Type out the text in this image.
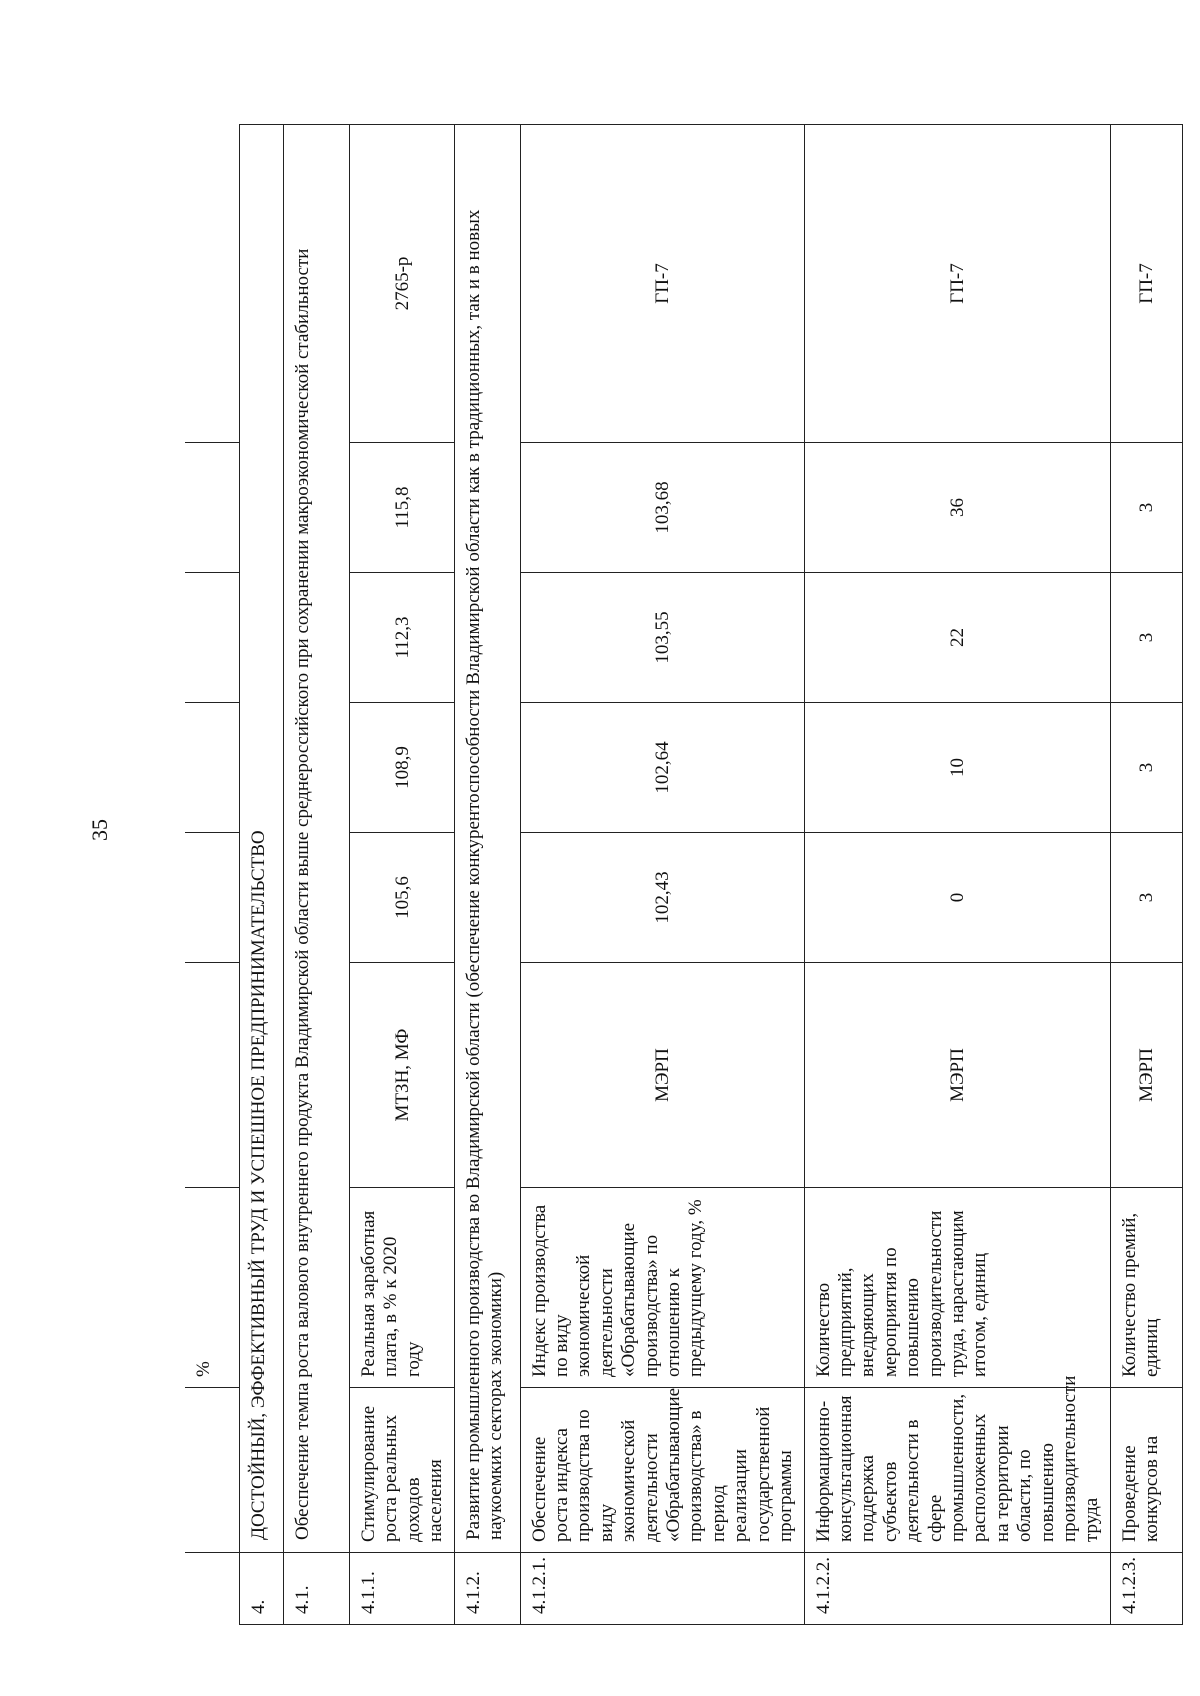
35
		%						
4.	ДОСТОЙНЫЙ, ЭФФЕКТИВНЫЙ ТРУД И УСПЕШНОЕ ПРЕДПРИНИМАТЕЛЬСТВО							
4.1.	Обеспечение темпа роста валового внутреннего продукта Владимирской области выше среднероссийского при сохранении макроэкономической стабильности							
4.1.1.	Стимулирование роста реальных доходов населения	Реальная заработная плата, в % к 2020 году	МТЗН, МФ	105,6	108,9	112,3	115,8	2765-р
4.1.2.	Развитие промышленного производства во Владимирской области (обеспечение конкурентоспособности Владимирской области как в традиционных, так и в новых наукоемких секторах экономики)							
4.1.2.1.	Обеспечение роста индекса производства по виду экономической деятельности «Обрабатывающие производства» в период реализации государственной программы	Индекс производства по виду экономической деятельности «Обрабатывающие производства» по отношению к предыдущему году, %	МЭРП	102,43	102,64	103,55	103,68	ГП-7
4.1.2.2.	Информационно-консультационная поддержка субъектов деятельности в сфере промышленности, расположенных на территории области, по повышению производительности труда	Количество предприятий, внедряющих мероприятия по повышению производительности труда, нарастающим итогом, единиц	МЭРП	0	10	22	36	ГП-7
4.1.2.3.	Проведение конкурсов на	Количество премий, единиц	МЭРП	3	3	3	3	ГП-7
